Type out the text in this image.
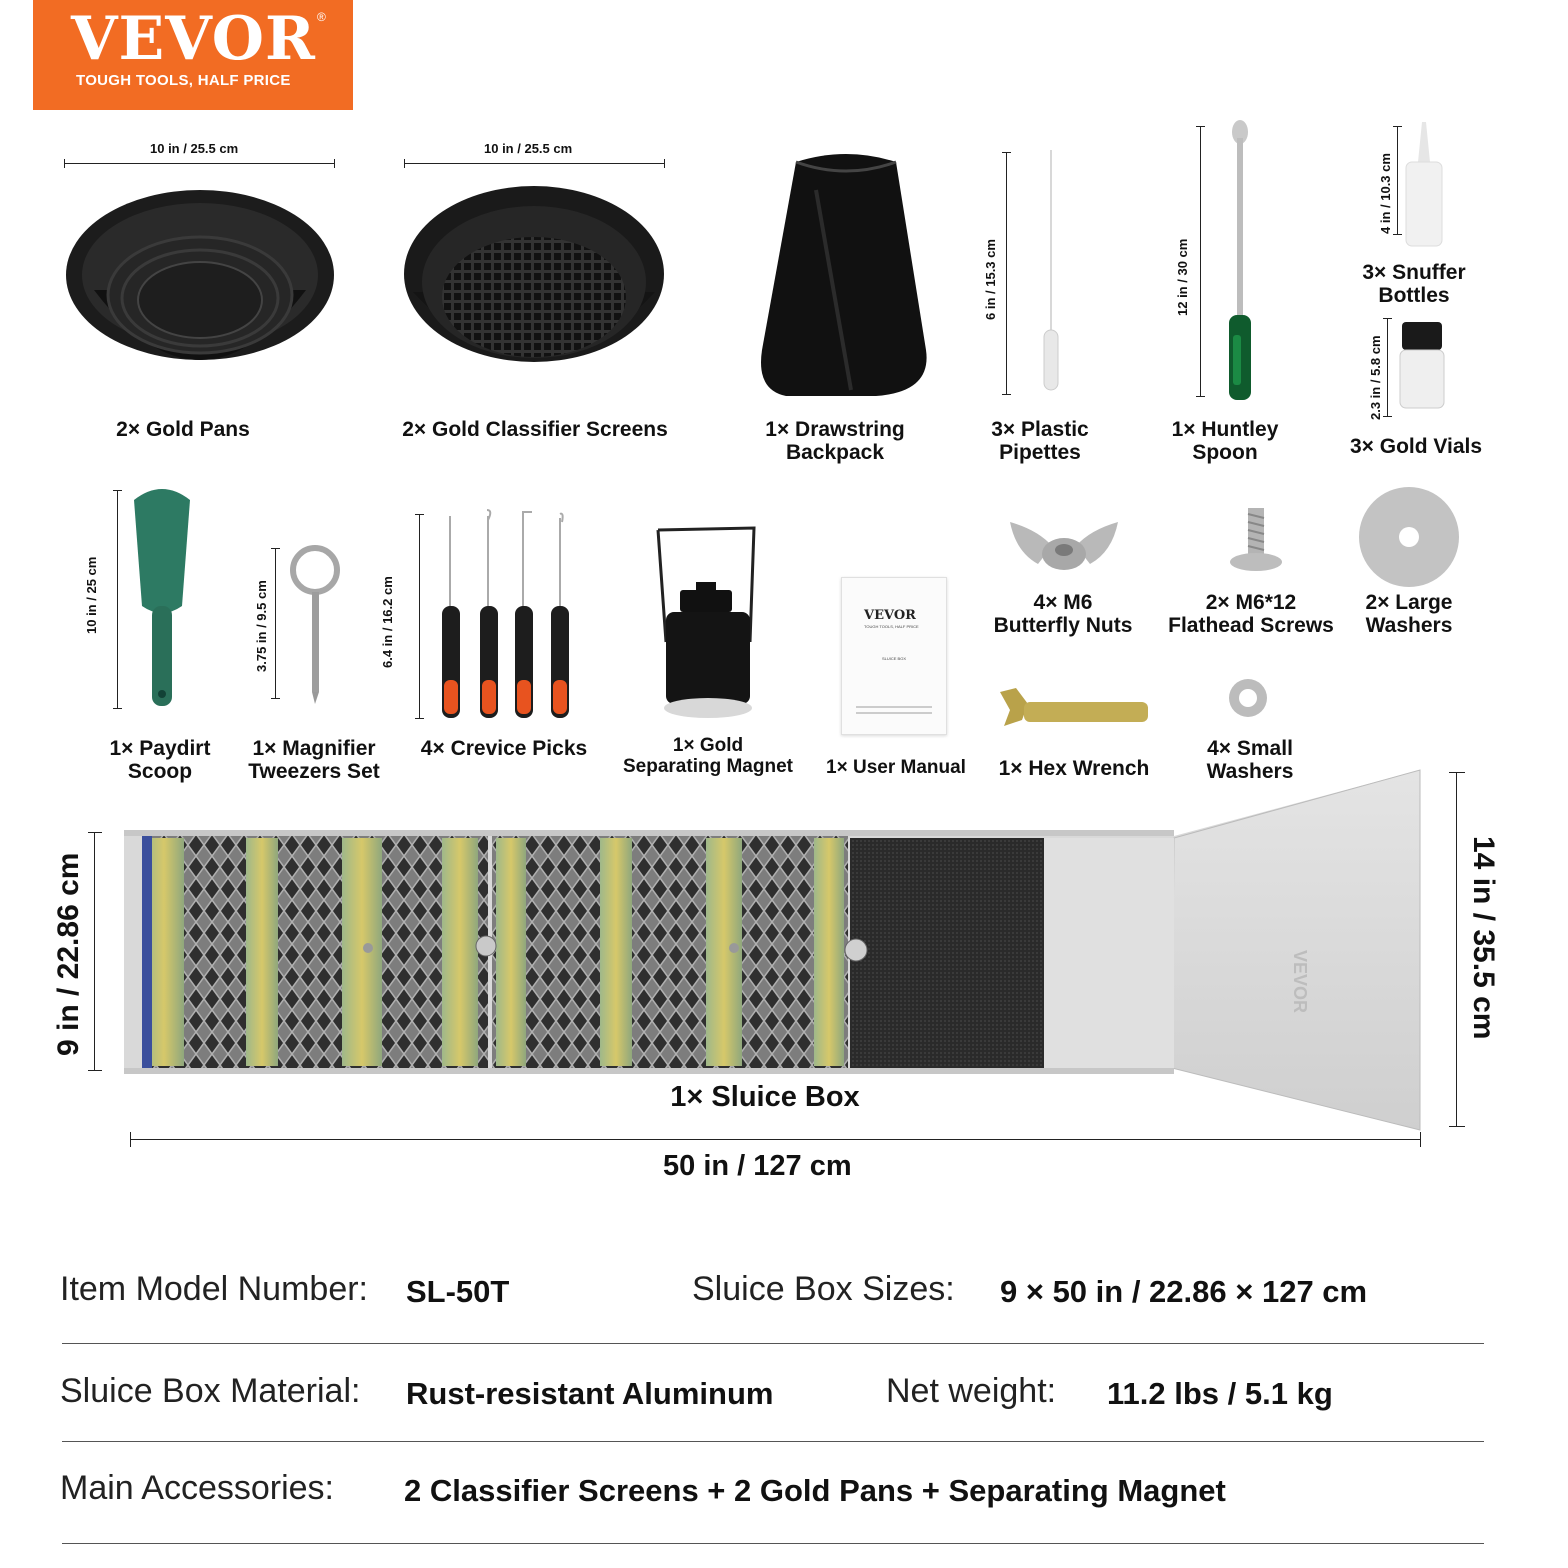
VEVOR ®
TOUGH TOOLS, HALF PRICE
10 in / 25.5 cm
2× Gold Pans
10 in / 25.5 cm
2× Gold Classifier Screens	1× Drawstring
Backpack
6 in / 15.3 cm
3× Plastic
Pipettes
12 in / 30 cm
1× Huntley
Spoon
4 in / 10.3 cm
3× Snuffer
Bottles
2.3 in / 5.8 cm
3× Gold Vials
10 in / 25 cm
1× Paydirt
Scoop
3.75 in / 9.5 cm
1× Magnifier
Tweezers Set
6.4 in / 16.2 cm
4× Crevice Picks	1× Gold
Separating Magnet
VEVOR
TOUGH TOOLS, HALF PRICE
SLUICE BOX
1× User Manual
4× M6
Butterfly Nuts
2× M6*12
Flathead Screws
2× Large
Washers
1× Hex Wrench
4× Small
Washers
9 in / 22.86 cm	14 in / 35.5 cm
VEVOR
1× Sluice Box
50 in / 127 cm
Item Model Number: SL-50T	Sluice Box Sizes: 9 × 50 in / 22.86 × 127 cm
Sluice Box Material: Rust-resistant Aluminum	Net weight: 11.2 lbs / 5.1 kg
Main Accessories: 2 Classifier Screens + 2 Gold Pans + Separating Magnet
